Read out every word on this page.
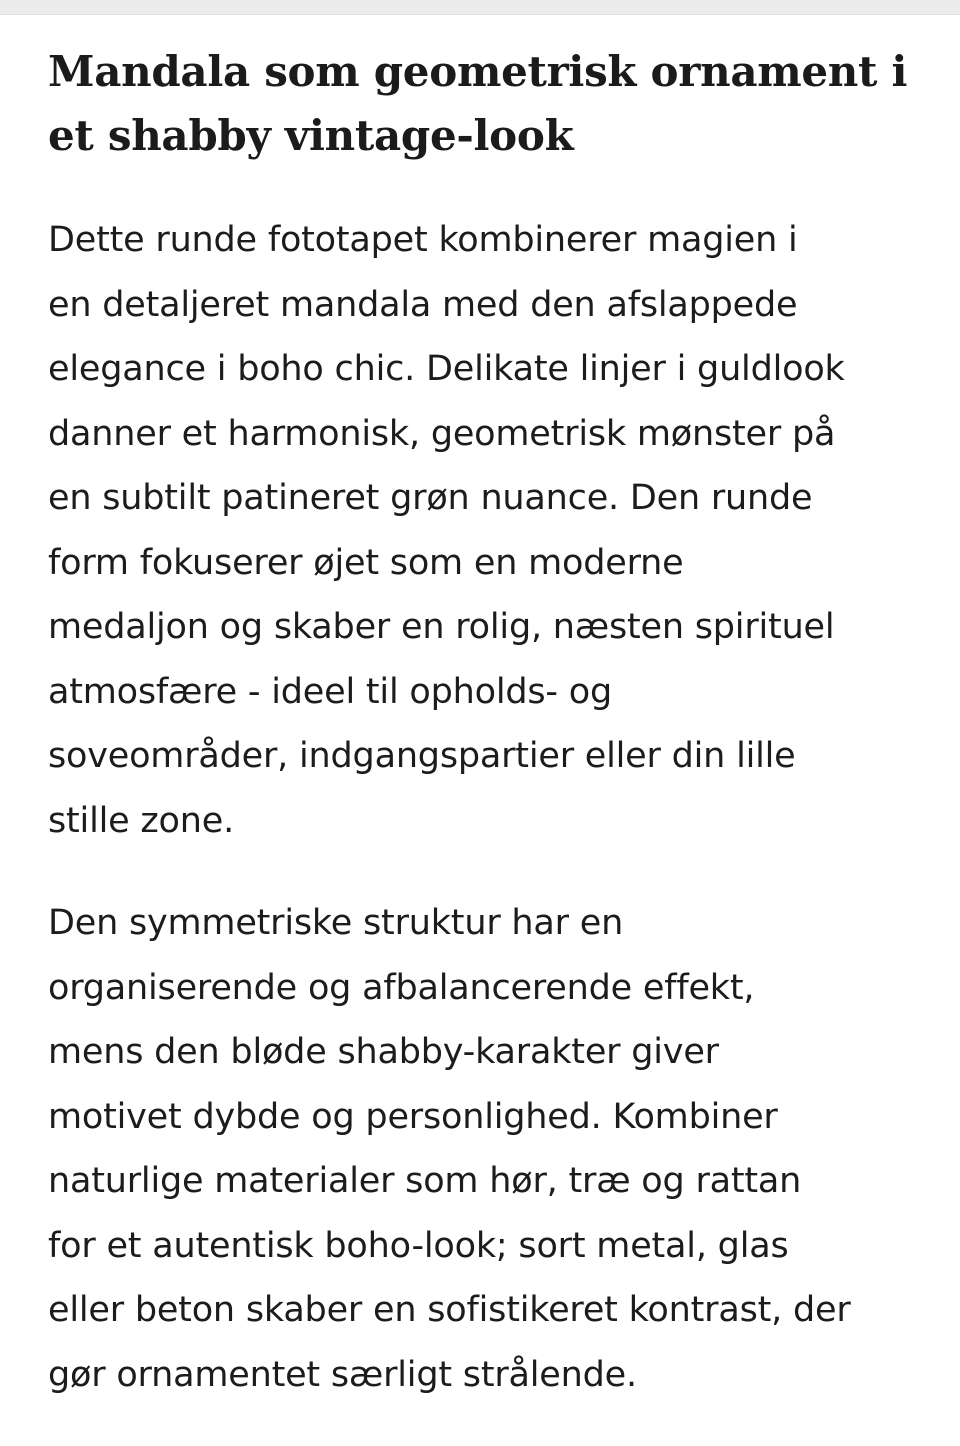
Mandala som geometrisk ornament i
et shabby vintage-look

Dette runde fototapet kombinerer magien i
en detaljeret mandala med den afslappede
elegance i boho chic. Delikate linjer i guldlook
danner et harmonisk, geometrisk mønster på
en subtilt patineret grøn nuance. Den runde
form fokuserer øjet som en moderne
medaljon og skaber en rolig, næsten spirituel
atmosfære - ideel til opholds- og
soveområder, indgangspartier eller din lille
stille zone.

Den symmetriske struktur har en
organiserende og afbalancerende effekt,
mens den bløde shabby-karakter giver
motivet dybde og personlighed. Kombiner
naturlige materialer som hør, træ og rattan
for et autentisk boho-look; sort metal, glas
eller beton skaber en sofistikeret kontrast, der
gør ornamentet særligt strålende.
